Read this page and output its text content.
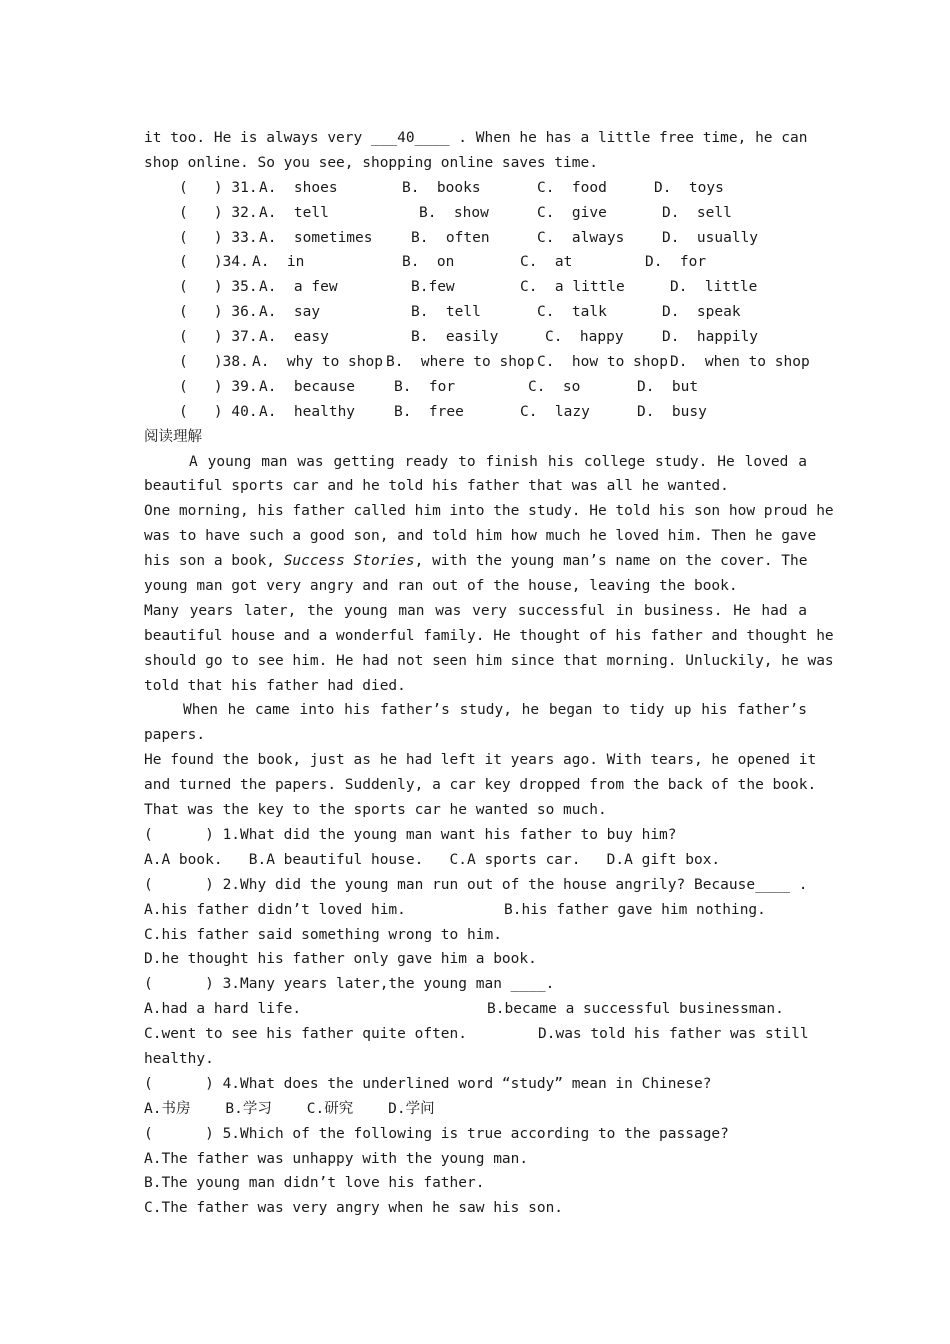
it too. He is always very ___40____ . When he has a little free time, he can
shop online. So you see, shopping online saves time.
(   ) 31. A.  shoes	B.  books	C.  food	D.  toys
(   ) 32. A.  tell	B.  show	C.  give	D.  sell
(   ) 33. A.  sometimes	B.  often	C.  always	D.  usually
(   )34. A.  in	B.  on	C.  at	D.  for
(   ) 35. A.  a few	B.few	C.  a little	D.  little
(   ) 36. A.  say	B.  tell	C.  talk	D.  speak
(   ) 37. A.  easy	B.  easily	C.  happy	D.  happily
(   )38. A.  why to shop B.  where to shop C.  how to shop D.  when to shop
(   ) 39. A.  because	B.  for	C.  so	D.  but
(   ) 40. A.  healthy	B.  free	C.  lazy	D.  busy
阅读理解
A young man was getting ready to finish his college study. He loved a
beautiful sports car and he told his father that was all he wanted.
One morning, his father called him into the study. He told his son how proud he
was to have such a good son, and told him how much he loved him. Then he gave
his son a book, Success Stories, with the young man’s name on the cover. The
young man got very angry and ran out of the house, leaving the book.
Many years later, the young man was very successful in business. He had a
beautiful house and a wonderful family. He thought of his father and thought he
should go to see him. He had not seen him since that morning. Unluckily, he was
told that his father had died.
When he came into his father’s study, he began to tidy up his father’s
papers.
He found the book, just as he had left it years ago. With tears, he opened it
and turned the papers. Suddenly, a car key dropped from the back of the book.
That was the key to the sports car he wanted so much.
(      ) 1.What did the young man want his father to buy him?
A.A book.   B.A beautiful house.   C.A sports car.   D.A gift box.
(      ) 2.Why did the young man run out of the house angrily? Because____ .

A.his father didn’t loved him.

	B.his father gave him nothing.

C.his father said something wrong to him.
D.he thought his father only gave him a book.
(      ) 3.Many years later,the young man ____.

A.had a hard life.

	B.became a successful businessman.

C.went to see his father quite often.

	D.was told his father was still

healthy.
(      ) 4.What does the underlined word “study” mean in Chinese?
A.书房    B.学习    C.研究    D.学问
(      ) 5.Which of the following is true according to the passage?
A.The father was unhappy with the young man.
B.The young man didn’t love his father.
C.The father was very angry when he saw his son.
